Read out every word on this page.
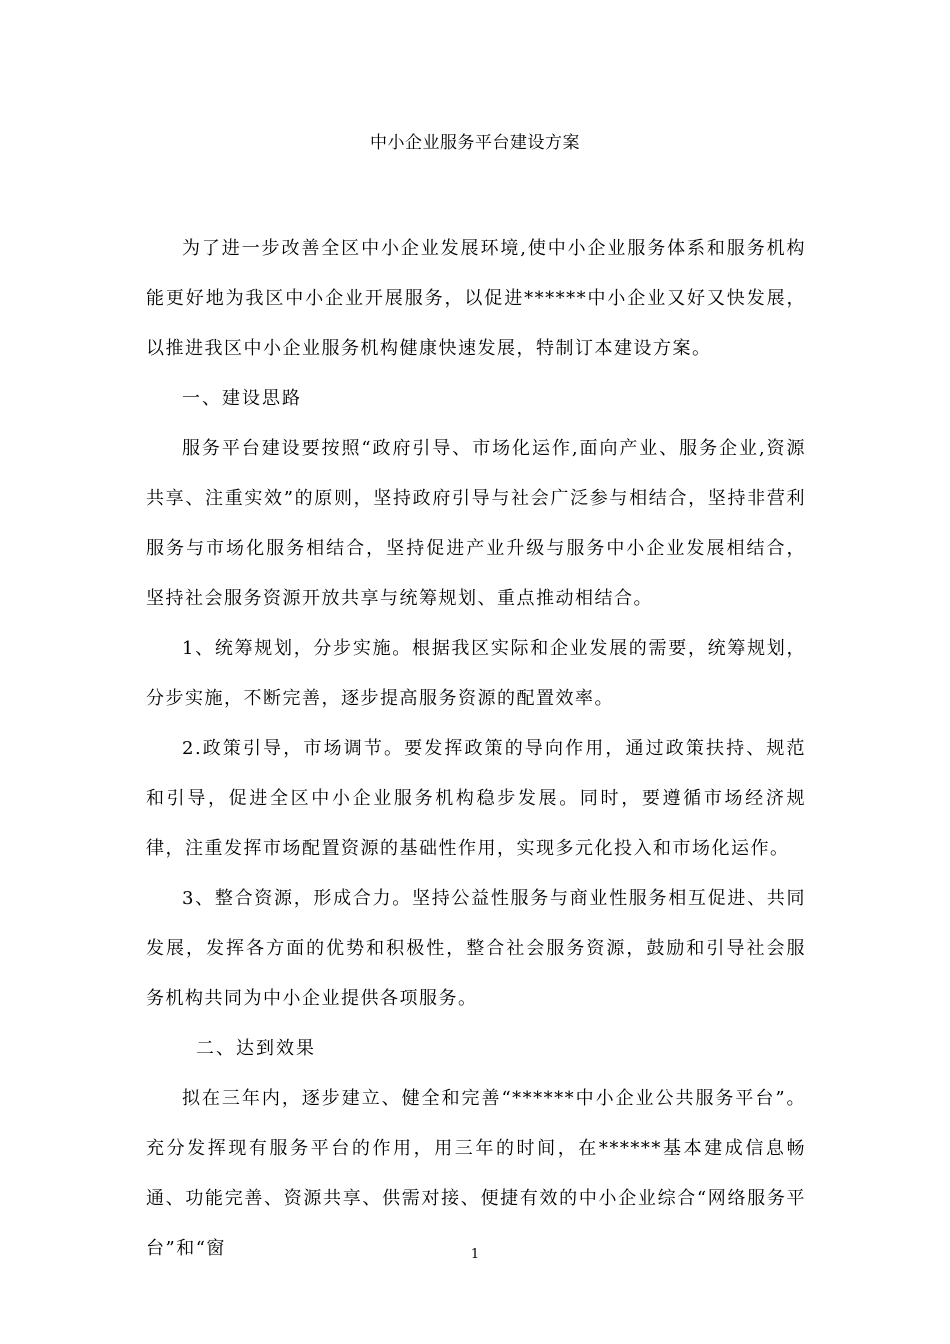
中小企业服务平台建设方案

为了进一步改善全区中小企业发展环境,使中小企业服务体系和服务机构能更好地为我区中小企业开展服务，以促进******中小企业又好又快发展，以推进我区中小企业服务机构健康快速发展，特制订本建设方案。

一、建设思路

服务平台建设要按照“政府引导、市场化运作,面向产业、服务企业,资源共享、注重实效”的原则，坚持政府引导与社会广泛参与相结合，坚持非营利服务与市场化服务相结合，坚持促进产业升级与服务中小企业发展相结合，坚持社会服务资源开放共享与统筹规划、重点推动相结合。

1、统筹规划，分步实施。根据我区实际和企业发展的需要，统筹规划，分步实施，不断完善，逐步提高服务资源的配置效率。

2.政策引导，市场调节。要发挥政策的导向作用，通过政策扶持、规范和引导，促进全区中小企业服务机构稳步发展。同时，要遵循市场经济规律，注重发挥市场配置资源的基础性作用，实现多元化投入和市场化运作。

3、整合资源，形成合力。坚持公益性服务与商业性服务相互促进、共同发展，发挥各方面的优势和积极性，整合社会服务资源，鼓励和引导社会服务机构共同为中小企业提供各项服务。

二、达到效果

拟在三年内，逐步建立、健全和完善“******中小企业公共服务平台”。充分发挥现有服务平台的作用，用三年的时间，在******基本建成信息畅通、功能完善、资源共享、供需对接、便捷有效的中小企业综合“网络服务平台”和“窗	1
